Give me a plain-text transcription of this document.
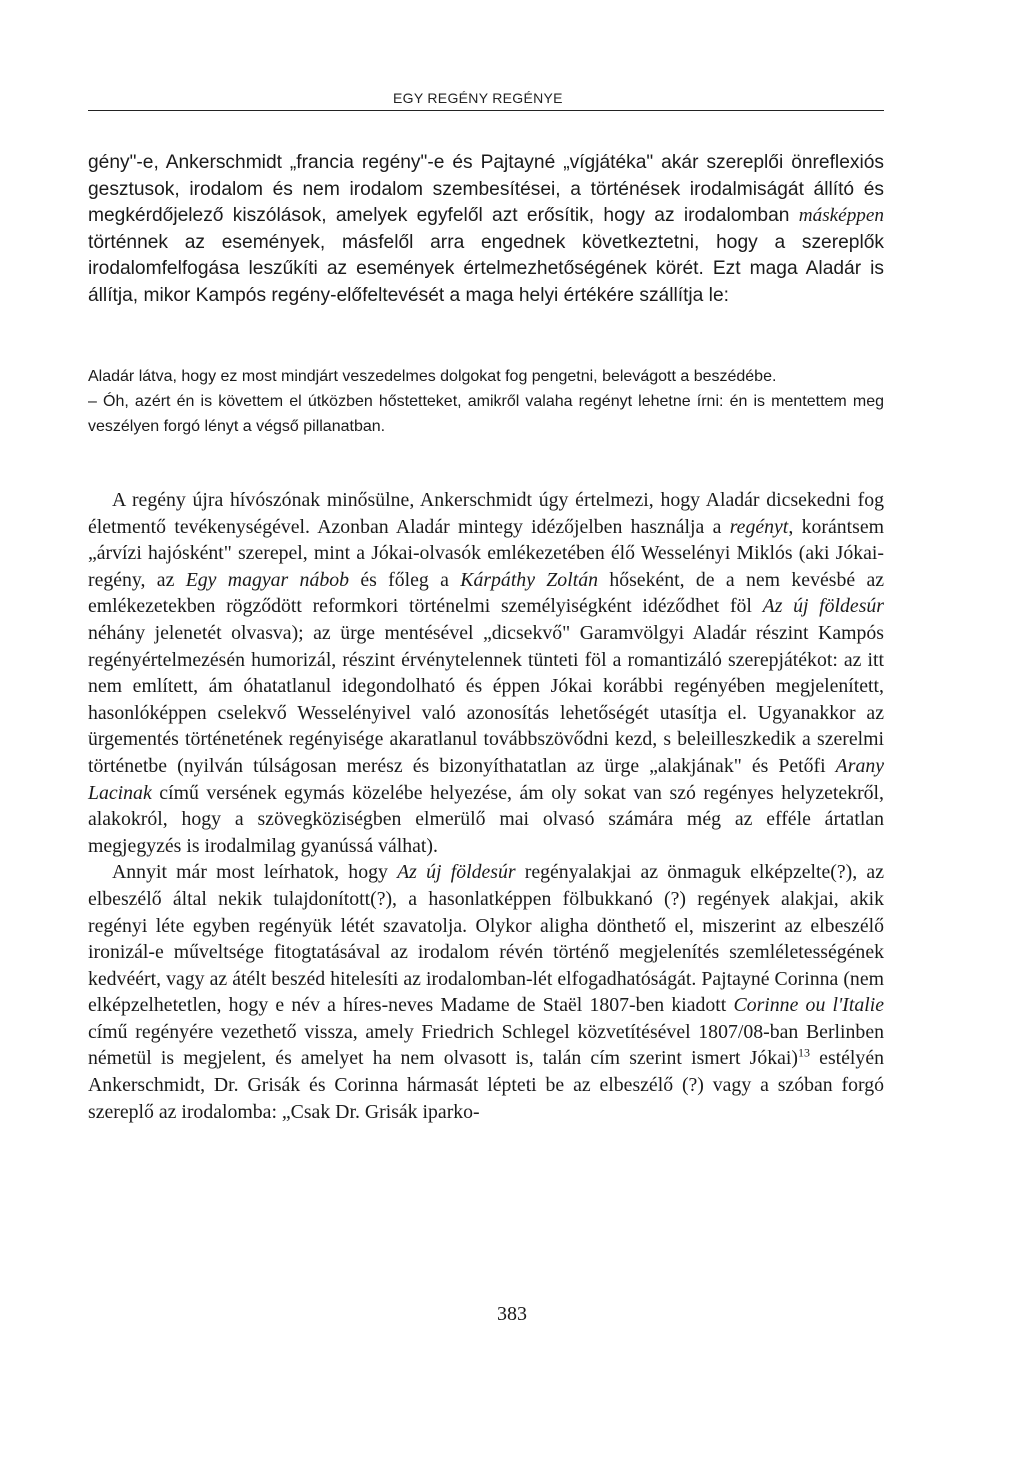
EGY REGÉNY REGÉNYE

gény"-e, Ankerschmidt „francia regény"-e és Pajtayné „vígjátéka" akár szereplői önreflexiós gesztusok, irodalom és nem irodalom szembesítései, a történések irodalmiságát állító és megkérdőjelező kiszólások, amelyek egyfelől azt erősítik, hogy az irodalomban másképpen történnek az események, másfelől arra engednek következtetni, hogy a szereplők irodalomfelfogása leszűkíti az események értelmezhetőségének körét. Ezt maga Aladár is állítja, mikor Kampós regény-előfeltevését a maga helyi értékére szállítja le:

Aladár látva, hogy ez most mindjárt veszedelmes dolgokat fog pengetni, belevágott a beszédébe.

– Óh, azért én is követtem el útközben hőstetteket, amikről valaha regényt lehetne írni: én is mentettem meg veszélyen forgó lényt a végső pillanatban.

A regény újra hívószónak minősülne, Ankerschmidt úgy értelmezi, hogy Aladár dicsekedni fog életmentő tevékenységével. Azonban Aladár mintegy idézőjelben használja a regényt, korántsem „árvízi hajósként" szerepel, mint a Jókai-olvasók emlékezetében élő Wesselényi Miklós (aki Jókai-regény, az Egy magyar nábob és főleg a Kárpáthy Zoltán hőseként, de a nem kevésbé az emlékezetekben rögződött reformkori történelmi személyiségként idéződhet föl Az új földesúr néhány jelenetét olvasva); az ürge mentésével „dicsekvő" Garamvölgyi Aladár részint Kampós regényértelmezésén humorizál, részint érvénytelennek tünteti föl a romantizáló szerepjátékot: az itt nem említett, ám óhatatlanul idegondolható és éppen Jókai korábbi regényében megjelenített, hasonlóképpen cselekvő Wesselényivel való azonosítás lehetőségét utasítja el. Ugyanakkor az ürgementés történetének regényisége akaratlanul továbbszövődni kezd, s beleilleszkedik a szerelmi történetbe (nyilván túlságosan merész és bizonyíthatatlan az ürge „alakjának" és Petőfi Arany Lacinak című versének egymás közelébe helyezése, ám oly sokat van szó regényes helyzetekről, alakokról, hogy a szövegköziségben elmerülő mai olvasó számára még az efféle ártatlan megjegyzés is irodalmilag gyanússá válhat).

Annyit már most leírhatok, hogy Az új földesúr regényalakjai az önmaguk elképzelte(?), az elbeszélő által nekik tulajdonított(?), a hasonlatképpen fölbukkanó (?) regények alakjai, akik regényi léte egyben regényük létét szavatolja. Olykor aligha dönthető el, miszerint az elbeszélő ironizál-e műveltsége fitogtatásával az irodalom révén történő megjelenítés szemléletességének kedvéért, vagy az átélt beszéd hitelesíti az irodalomban-lét elfogadhatóságát. Pajtayné Corinna (nem elképzelhetetlen, hogy e név a híres-neves Madame de Staël 1807-ben kiadott Corinne ou l'Italie című regényére vezethető vissza, amely Friedrich Schlegel közvetítésével 1807/08-ban Berlinben németül is megjelent, és amelyet ha nem olvasott is, talán cím szerint ismert Jókai)$^{13}$ estélyén Ankerschmidt, Dr. Grisák és Corinna hármasát lépteti be az elbeszélő (?) vagy a szóban forgó szereplő az irodalomba: „Csak Dr. Grisák iparko-

383
